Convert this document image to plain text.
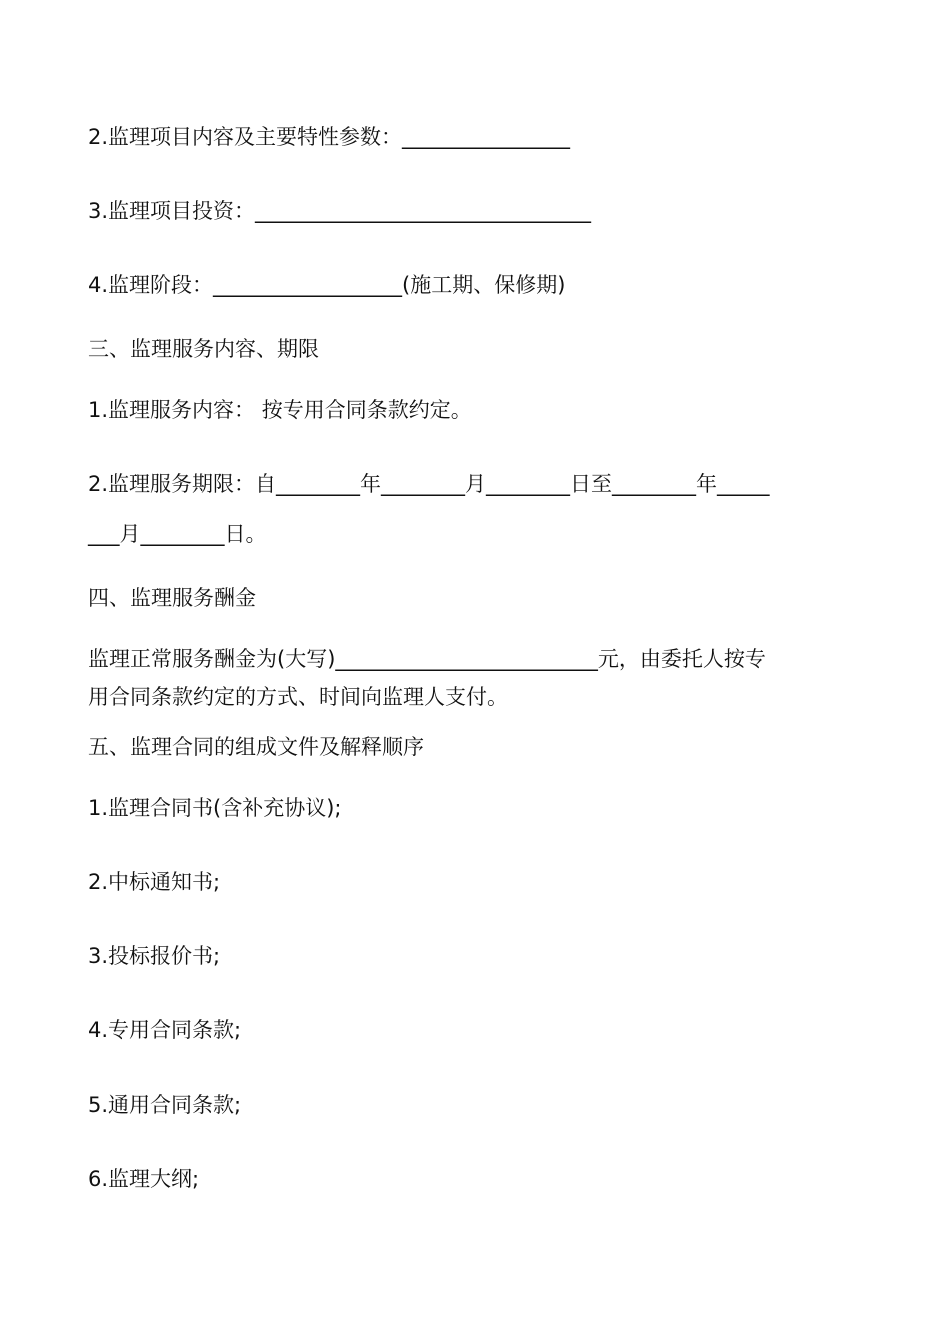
2.监理项目内容及主要特性参数：________________
3.监理项目投资：________________________________
4.监理阶段：__________________(施工期、保修期)
三、监理服务内容、期限
1.监理服务内容： 按专用合同条款约定。
2.监理服务期限：自________年________月________日至________年_____
___月________日。
四、监理服务酬金
监理正常服务酬金为(大写)_________________________元，由委托人按专
用合同条款约定的方式、时间向监理人支付。
五、监理合同的组成文件及解释顺序
1.监理合同书(含补充协议);
2.中标通知书;
3.投标报价书;
4.专用合同条款;
5.通用合同条款;
6.监理大纲;
